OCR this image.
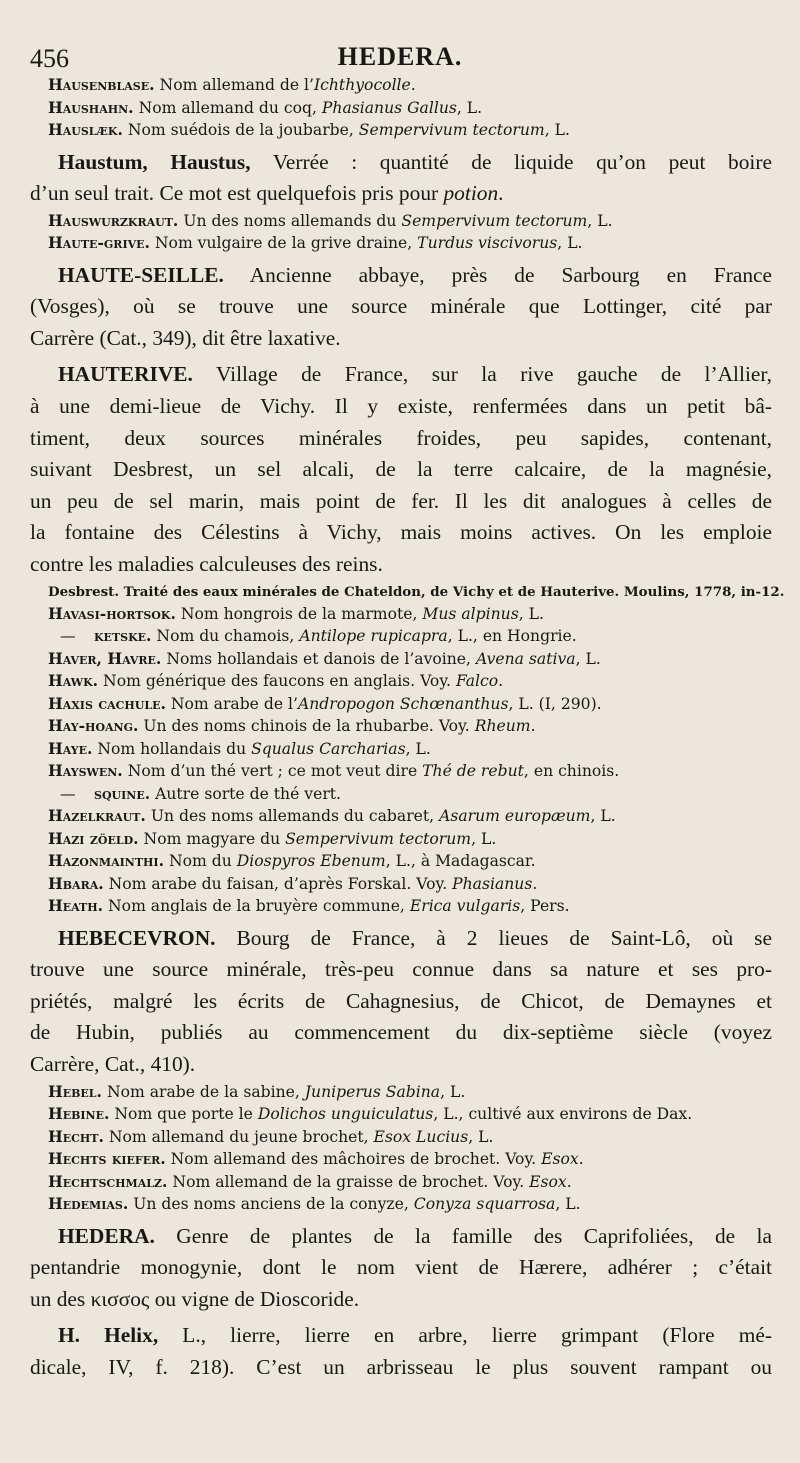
456	HEDERA.
Hausenblase. Nom allemand de l’Ichthyocolle.
Haushahn. Nom allemand du coq, Phasianus Gallus, L.
Hauslæk. Nom suédois de la joubarbe, Sempervivum tectorum, L.
Haustum, Haustus, Verrée : quantité de liquide qu’on peut boire
d’un seul trait. Ce mot est quelquefois pris pour potion.
Hauswurzkraut. Un des noms allemands du Sempervivum tectorum, L.
Haute-grive. Nom vulgaire de la grive draine, Turdus viscivorus, L.
HAUTE-SEILLE. Ancienne abbaye, près de Sarbourg en France
(Vosges), où se trouve une source minérale que Lottinger, cité par
Carrère (Cat., 349), dit être laxative.
HAUTERIVE. Village de France, sur la rive gauche de l’Allier,
à une demi-lieue de Vichy. Il y existe, renfermées dans un petit bâ-
timent, deux sources minérales froides, peu sapides, contenant,
suivant Desbrest, un sel alcali, de la terre calcaire, de la magnésie,
un peu de sel marin, mais point de fer. Il les dit analogues à celles de
la fontaine des Célestins à Vichy, mais moins actives. On les emploie
contre les maladies calculeuses des reins.
Desbrest. Traité des eaux minérales de Chateldon, de Vichy et de Hauterive. Moulins, 1778, in-12.
Havasi-hortsok. Nom hongrois de la marmote, Mus alpinus, L.
— ketske. Nom du chamois, Antilope rupicapra, L., en Hongrie.
Haver, Havre. Noms hollandais et danois de l’avoine, Avena sativa, L.
Hawk. Nom générique des faucons en anglais. Voy. Falco.
Haxis cachule. Nom arabe de l’Andropogon Schœnanthus, L. (I, 290).
Hay-hoang. Un des noms chinois de la rhubarbe. Voy. Rheum.
Haye. Nom hollandais du Squalus Carcharias, L.
Hayswen. Nom d’un thé vert ; ce mot veut dire Thé de rebut, en chinois.
— squine. Autre sorte de thé vert.
Hazelkraut. Un des noms allemands du cabaret, Asarum europæum, L.
Hazi zöeld. Nom magyare du Sempervivum tectorum, L.
Hazonmainthi. Nom du Diospyros Ebenum, L., à Madagascar.
Hbara. Nom arabe du faisan, d’après Forskal. Voy. Phasianus.
Heath. Nom anglais de la bruyère commune, Erica vulgaris, Pers.
HEBECEVRON. Bourg de France, à 2 lieues de Saint-Lô, où se
trouve une source minérale, très-peu connue dans sa nature et ses pro-
priétés, malgré les écrits de Cahagnesius, de Chicot, de Demaynes et
de Hubin, publiés au commencement du dix-septième siècle (voyez
Carrère, Cat., 410).
Hebel. Nom arabe de la sabine, Juniperus Sabina, L.
Hebine. Nom que porte le Dolichos unguiculatus, L., cultivé aux environs de Dax.
Hecht. Nom allemand du jeune brochet, Esox Lucius, L.
Hechts kiefer. Nom allemand des mâchoires de brochet. Voy. Esox.
Hechtschmalz. Nom allemand de la graisse de brochet. Voy. Esox.
Hedemias. Un des noms anciens de la conyze, Conyza squarrosa, L.
HEDERA. Genre de plantes de la famille des Caprifoliées, de la
pentandrie monogynie, dont le nom vient de Hærere, adhérer ; c’était
un des κισσος ou vigne de Dioscoride.
H. Helix, L., lierre, lierre en arbre, lierre grimpant (Flore mé-
dicale, IV, f. 218). C’est un arbrisseau le plus souvent rampant ou
